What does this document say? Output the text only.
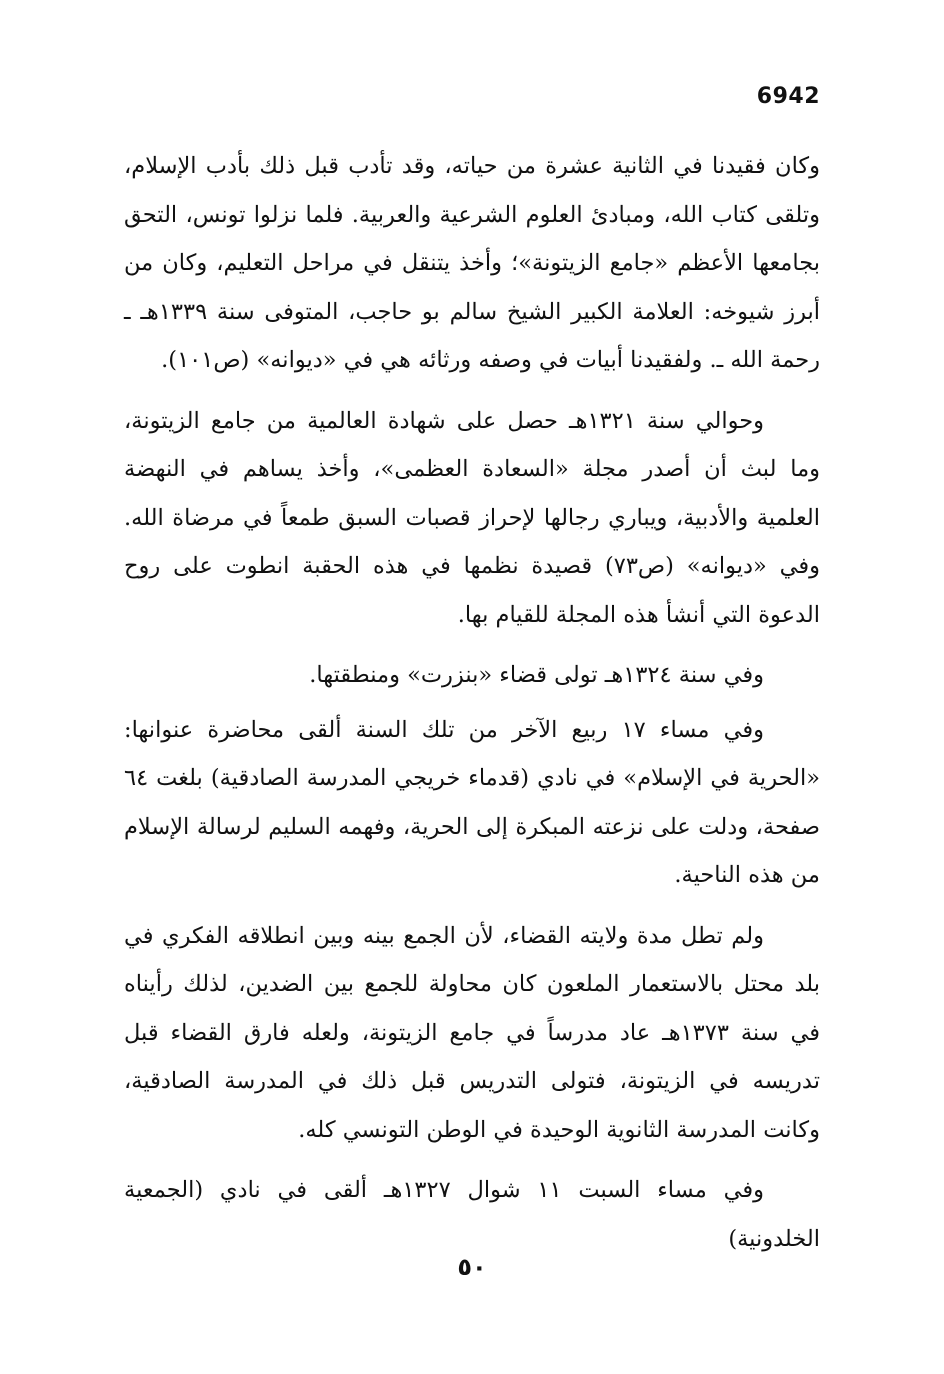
6942

وكان فقيدنا في الثانية عشرة من حياته، وقد تأدب قبل ذلك بأدب الإسلام، وتلقى كتاب الله، ومبادئ العلوم الشرعية والعربية. فلما نزلوا تونس، التحق بجامعها الأعظم «جامع الزيتونة»؛ وأخذ يتنقل في مراحل التعليم، وكان من أبرز شيوخه: العلامة الكبير الشيخ سالم بو حاجب، المتوفى سنة ١٣٣٩هـ ـ رحمة الله ـ. ولفقيدنا أبيات في وصفه ورثائه هي في «ديوانه» (ص١٠١).

وحوالي سنة ١٣٢١هـ حصل على شهادة العالمية من جامع الزيتونة، وما لبث أن أصدر مجلة «السعادة العظمى»، وأخذ يساهم في النهضة العلمية والأدبية، ويباري رجالها لإحراز قصبات السبق طمعاً في مرضاة الله. وفي «ديوانه» (ص٧٣) قصيدة نظمها في هذه الحقبة انطوت على روح الدعوة التي أنشأ هذه المجلة للقيام بها.

وفي سنة ١٣٢٤هـ تولى قضاء «بنزرت» ومنطقتها.

وفي مساء ١٧ ربيع الآخر من تلك السنة ألقى محاضرة عنوانها: «الحرية في الإسلام» في نادي (قدماء خريجي المدرسة الصادقية) بلغت ٦٤ صفحة، ودلت على نزعته المبكرة إلى الحرية، وفهمه السليم لرسالة الإسلام من هذه الناحية.

ولم تطل مدة ولايته القضاء، لأن الجمع بينه وبين انطلاقه الفكري في بلد محتل بالاستعمار الملعون كان محاولة للجمع بين الضدين، لذلك رأيناه في سنة ١٣٧٣هـ عاد مدرساً في جامع الزيتونة، ولعله فارق القضاء قبل تدريسه في الزيتونة، فتولى التدريس قبل ذلك في المدرسة الصادقية، وكانت المدرسة الثانوية الوحيدة في الوطن التونسي كله.

وفي مساء السبت ١١ شوال ١٣٢٧هـ ألقى في نادي (الجمعية الخلدونية)

٥٠
